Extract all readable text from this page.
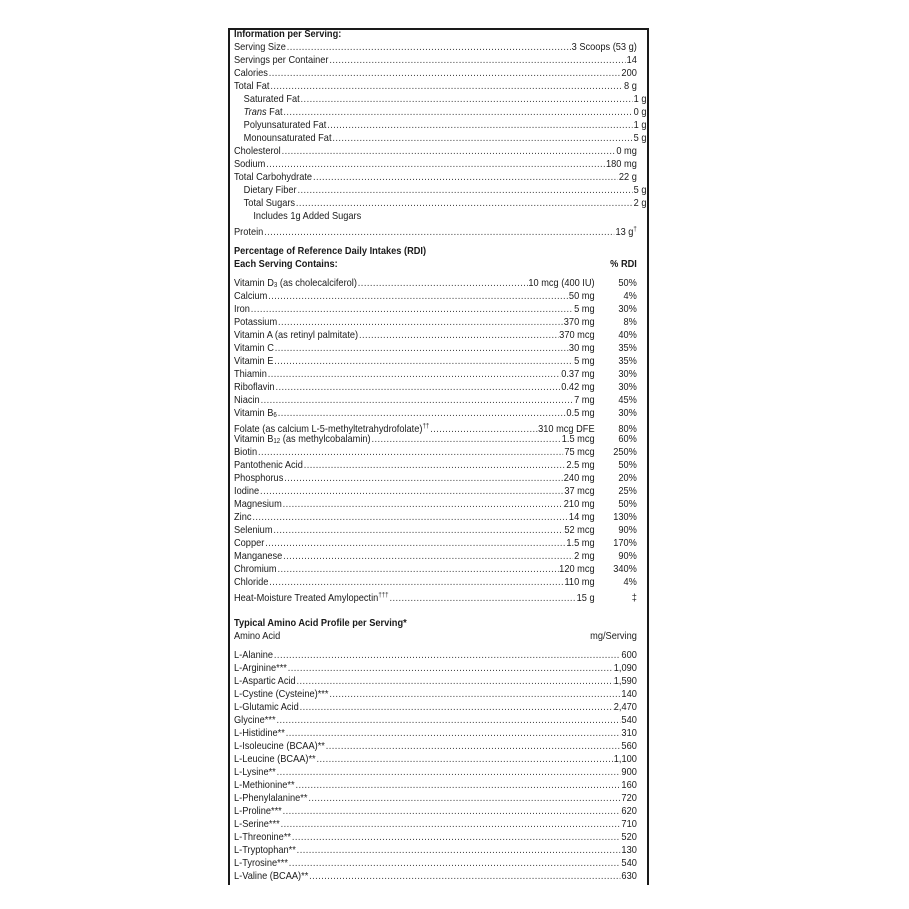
Information per Serving:
Serving Size .....	3 Scoops (53 g)
Servings per Container .....	14
Calories .....	200
Total Fat .....	8 g
Saturated Fat .....	1 g
Trans Fat .....	0 g
Polyunsaturated Fat .....	1 g
Monounsaturated Fat .....	5 g
Cholesterol .....	0 mg
Sodium .....	180 mg
Total Carbohydrate .....	22 g
Dietary Fiber .....	5 g
Total Sugars .....	2 g
Includes 1g Added Sugars
Protein .....	13 g†
Percentage of Reference Daily Intakes (RDI)
Each Serving Contains:	% RDI
Vitamin $D_3$ (as cholecalciferol) .....	10 mcg (400 IU)	50%
Calcium .....	50 mg	4%
Iron .....	5 mg	30%
Potassium .....	370 mg	8%
Vitamin A (as retinyl palmitate) .....	370 mcg	40%
Vitamin C .....	30 mg	35%
Vitamin E .....	5 mg	35%
Thiamin .....	0.37 mg	30%
Riboflavin .....	0.42 mg	30%
Niacin .....	7 mg	45%
Vitamin $B_6$ .....	0.5 mg	30%
Folate (as calcium L-5-methyltetrahydrofolate)†† .....	310 mcg DFE	80%
Vitamin $B_{12}$ (as methylcobalamin) .....	1.5 mcg	60%
Biotin .....	75 mcg	250%
Pantothenic Acid .....	2.5 mg	50%
Phosphorus .....	240 mg	20%
Iodine .....	37 mcg	25%
Magnesium .....	210 mg	50%
Zinc .....	14 mg	130%
Selenium .....	52 mcg	90%
Copper .....	1.5 mg	170%
Manganese .....	2 mg	90%
Chromium .....	120 mcg	340%
Chloride .....	110 mg	4%
Heat-Moisture Treated Amylopectin††† .....	15 g	‡
Typical Amino Acid Profile per Serving*
Amino Acid	mg/Serving
L-Alanine .....	600
L-Arginine*** .....	1,090
L-Aspartic Acid .....	1,590
L-Cystine (Cysteine)*** .....	140
L-Glutamic Acid .....	2,470
Glycine*** .....	540
L-Histidine** .....	310
L-Isoleucine (BCAA)** .....	560
L-Leucine (BCAA)** .....	1,100
L-Lysine** .....	900
L-Methionine** .....	160
L-Phenylalanine** .....	720
L-Proline*** .....	620
L-Serine*** .....	710
L-Threonine** .....	520
L-Tryptophan** .....	130
L-Tyrosine*** .....	540
L-Valine (BCAA)** .....	630
